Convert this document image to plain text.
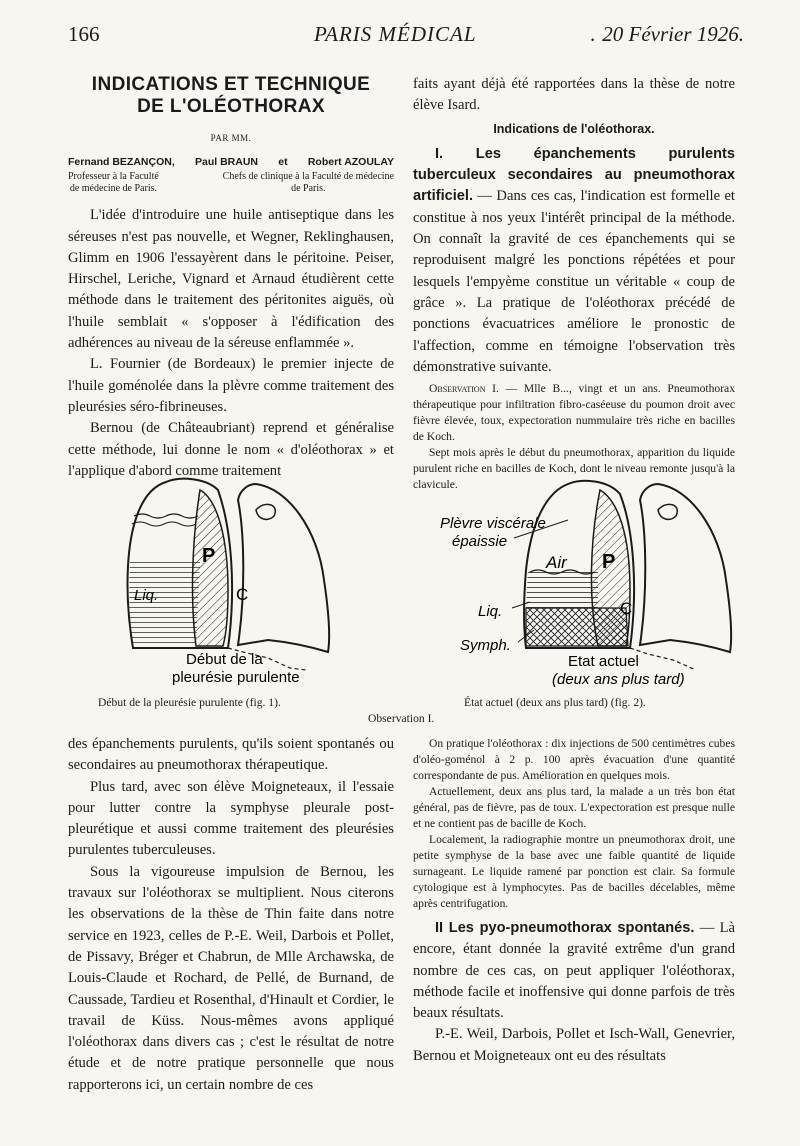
166	PARIS MÉDICAL	. 20 Février 1926.
INDICATIONS ET TECHNIQUE
DE L'OLÉOTHORAX
PAR MM.
Fernand BEZANÇON, Paul BRAUN et Robert AZOULAY
Professeur à la Faculté
de médecine de Paris.
Chefs de clinique à la Faculté de médecine
de Paris.

L'idée d'introduire une huile antiseptique dans les séreuses n'est pas nouvelle, et Wegner, Reklinghausen, Glimm en 1906 l'essayèrent dans le péritoine. Peiser, Hirschel, Leriche, Vignard et Arnaud étudièrent cette méthode dans le traitement des péritonites aiguës, où l'huile semblait « s'opposer à l'édification des adhérences au niveau de la séreuse enflammée ».

L. Fournier (de Bordeaux) le premier injecte de l'huile goménolée dans la plèvre comme traitement des pleurésies séro-fibrineuses.

Bernou (de Châteaubriant) reprend et généralise cette méthode, lui donne le nom « d'oléothorax » et l'applique d'abord comme traitement

faits ayant déjà été rapportées dans la thèse de notre élève Isard.

Indications de l'oléothorax.

I. Les épanchements purulents tuberculeux secondaires au pneumothorax artificiel. — Dans ces cas, l'indication est formelle et constitue à nos yeux l'intérêt principal de la méthode. On connaît la gravité de ces épanchements qui se reproduisent malgré les ponctions répétées et pour lesquels l'empyème constitue un véritable « coup de grâce ». La pratique de l'oléothorax précédé de ponctions évacuatrices améliore le pronostic de l'affection, comme en témoigne l'observation très démonstrative suivante.

Observation I. — Mlle B..., vingt et un ans. Pneumothorax thérapeutique pour infiltration fibro-caséeuse du poumon droit avec fièvre élevée, toux, expectoration nummulaire très riche en bacilles de Koch.

Sept mois après le début du pneumothorax, apparition du liquide purulent riche en bacilles de Koch, dont le niveau remonte jusqu'à la clavicule.

P
Liq.	C
Début de la
pleurésie purulente
Plèvre viscérale
épaissie
Air P
Liq.	C
Symph.
Etat actuel
(deux ans plus tard)
Début de la pleurésie purulente (fig. 1).	État actuel (deux ans plus tard) (fig. 2).
Observation I.

des épanchements purulents, qu'ils soient spontanés ou secondaires au pneumothorax thérapeutique.

Plus tard, avec son élève Moigneteaux, il l'essaie pour lutter contre la symphyse pleurale post-pleurétique et aussi comme traitement des pleurésies purulentes tuberculeuses.

Sous la vigoureuse impulsion de Bernou, les travaux sur l'oléothorax se multiplient. Nous citerons les observations de la thèse de Thin faite dans notre service en 1923, celles de P.-E. Weil, Darbois et Pollet, de Pissavy, Bréger et Chabrun, de Mlle Archawska, de Louis-Claude et Rochard, de Pellé, de Burnand, de Caussade, Tardieu et Rosenthal, d'Hinault et Cordier, le travail de Küss. Nous-mêmes avons appliqué l'oléothorax dans divers cas ; c'est le résultat de notre étude et de notre pratique personnelle que nous rapporterons ici, un certain nombre de ces

On pratique l'oléothorax : dix injections de 500 centimètres cubes d'oléo-goménol à 2 p. 100 après évacuation d'une quantité correspondante de pus. Amélioration en quelques mois.

Actuellement, deux ans plus tard, la malade a un très bon état général, pas de fièvre, pas de toux. L'expectoration est presque nulle et ne contient pas de bacille de Koch.

Localement, la radiographie montre un pneumothorax droit, une petite symphyse de la base avec une faible quantité de liquide surnageant. Le liquide ramené par ponction est clair. Sa formule cytologique est à lymphocytes. Pas de bacilles décelables, même après centrifugation.

II Les pyo-pneumothorax spontanés. — Là encore, étant donnée la gravité extrême d'un grand nombre de ces cas, on peut appliquer l'oléothorax, méthode facile et inoffensive qui donne parfois de très beaux résultats.

P.-E. Weil, Darbois, Pollet et Isch-Wall, Genevrier, Bernou et Moigneteaux ont eu des résultats
